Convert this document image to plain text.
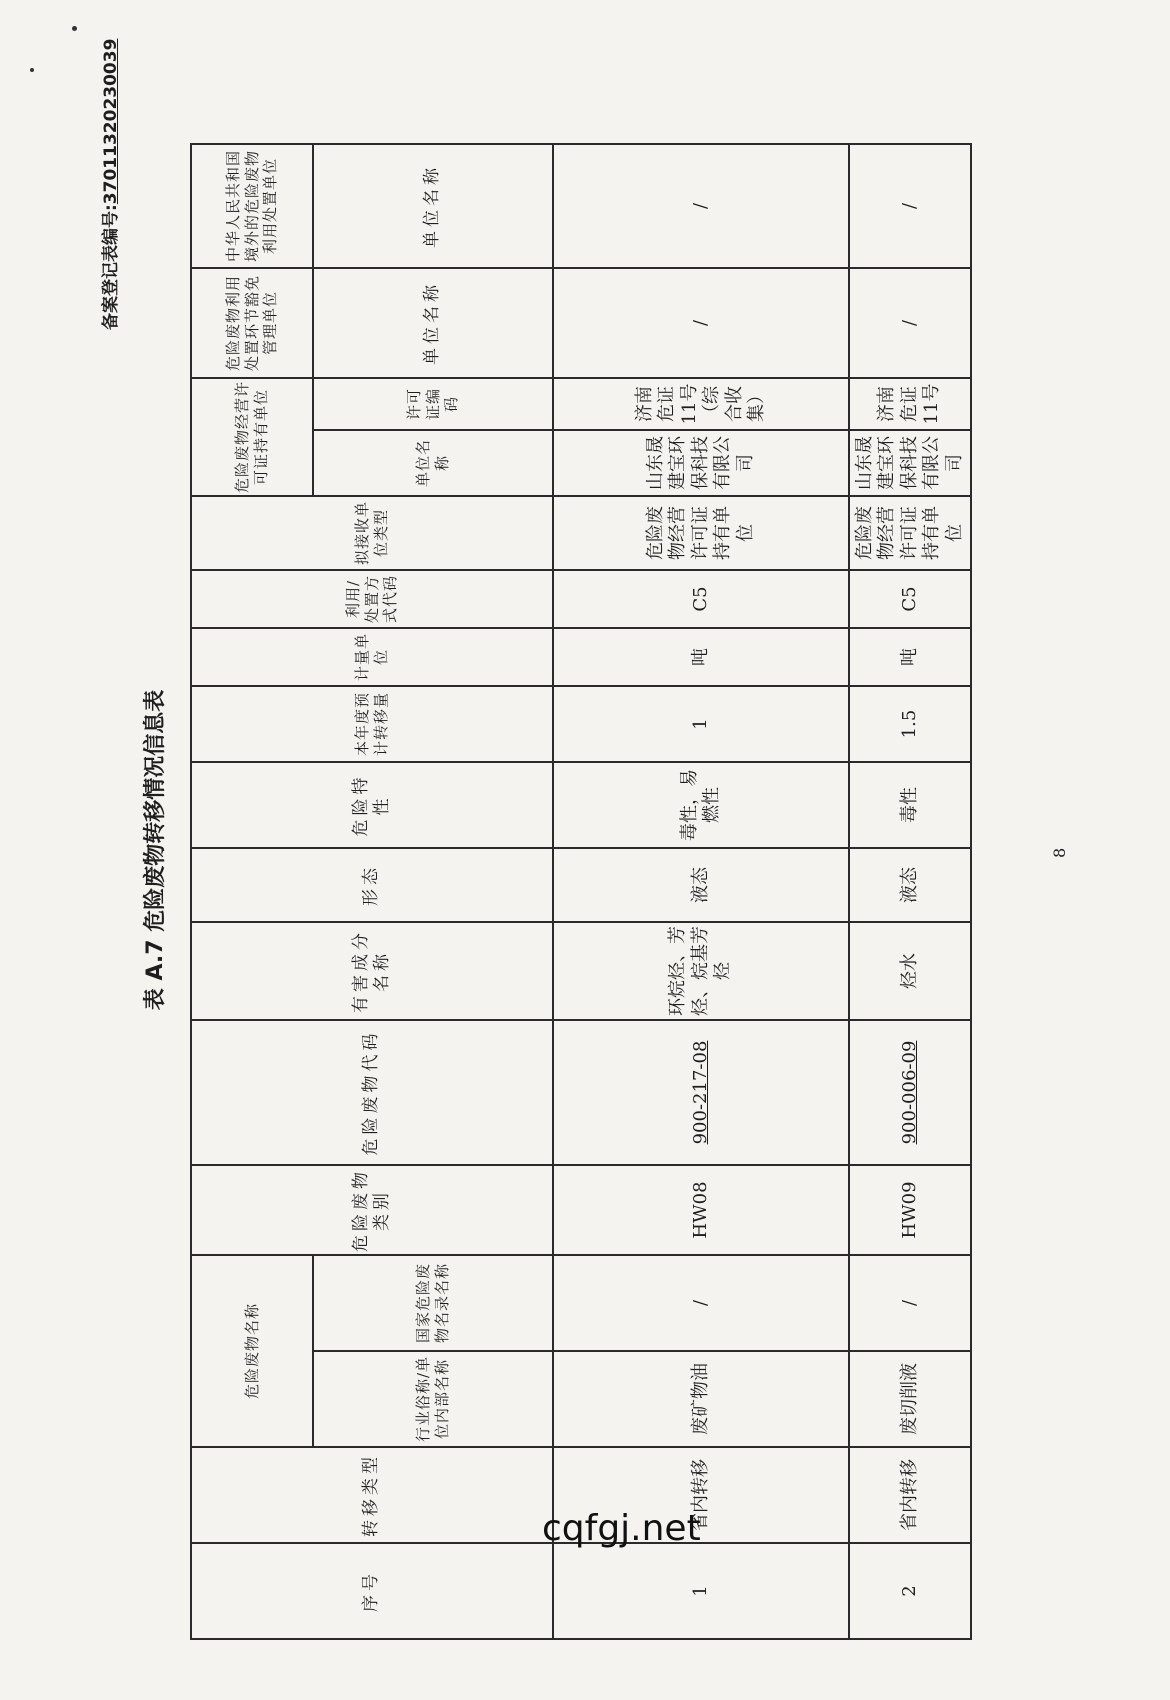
备案登记表编号:3701132023​0039
表 A.7 危险废物转移情况信息表
序号	转移类型	危险废物名称		危险废物类别	危险废物代码	有害成分名称	形态	危险特性	本年度预计转移量	计量单位	利用/处置方式代码	拟接收单位类型	危险废物经营许可证持有单位		危险废物利用处置环节豁免管理单位	中华人民共和国境外的危险废物利用处置单位
		行业俗称/单位内部名称	国家危险废物名录名称										单位名称	许可证编码	单位名称	单位名称
1	省内转移	废矿物油	/	HW08	900-217-08	环烷烃、芳烃、烷基芳烃	液态	毒性，易燃性	1	吨	C5	危险废物经营许可证持有单位	山东晟建宝环保科技有限公司	济南危证11号（综合收集）	/	/
2	省内转移	废切削液	/	HW09	900-006-09	烃水	液态	毒性	1.5	吨	C5	危险废物经营许可证持有单位	山东晟建宝环保科技有限公司	济南危证11号	/	/
8
cqfgj.net
